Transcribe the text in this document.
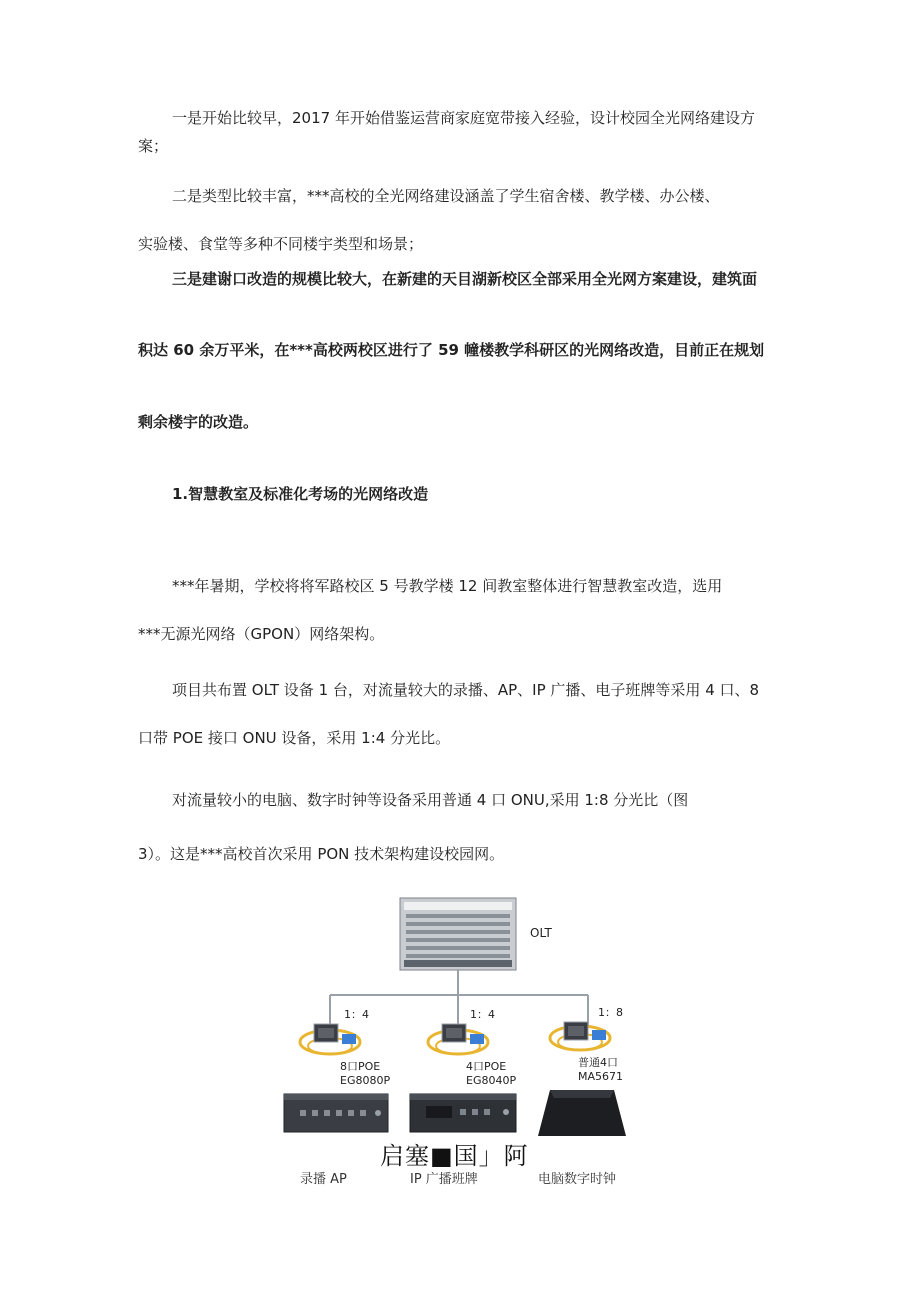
一是开始比较早，2017 年开始借鉴运营商家庭宽带接入经验，设计校园全光网络建设方
案；
二是类型比较丰富，***高校的全光网络建设涵盖了学生宿舍楼、教学楼、办公楼、
实验楼、食堂等多种不同楼宇类型和场景；
三是建谢口改造的规模比较大，在新建的天目湖新校区全部采用全光网方案建设，建筑面
积达 60 余万平米，在***高校两校区进行了 59 幢楼教学科研区的光网络改造，目前正在规划
剩余楼宇的改造。
1.智慧教室及标准化考场的光网络改造
***年暑期，学校将将军路校区 5 号教学楼 12 间教室整体进行智慧教室改造，选用
***无源光网络（GPON）网络架构。
项目共布置 OLT 设备 1 台，对流量较大的录播、AP、IP 广播、电子班牌等采用 4 口、8
口带 POE 接口 ONU 设备，采用 1:4 分光比。
对流量较小的电脑、数字时钟等设备采用普通 4 口 ONU,采用 1:8 分光比（图
3）。这是***高校首次采用 PON 技术架构建设校园网。
OLT
1：4	1：4	1：8
8口POE
EG8080P
4口POE
EG8040P
普通4口
MA5671
启塞■国」阿
录播 AP	IP 广播班牌	电脑数字时钟
